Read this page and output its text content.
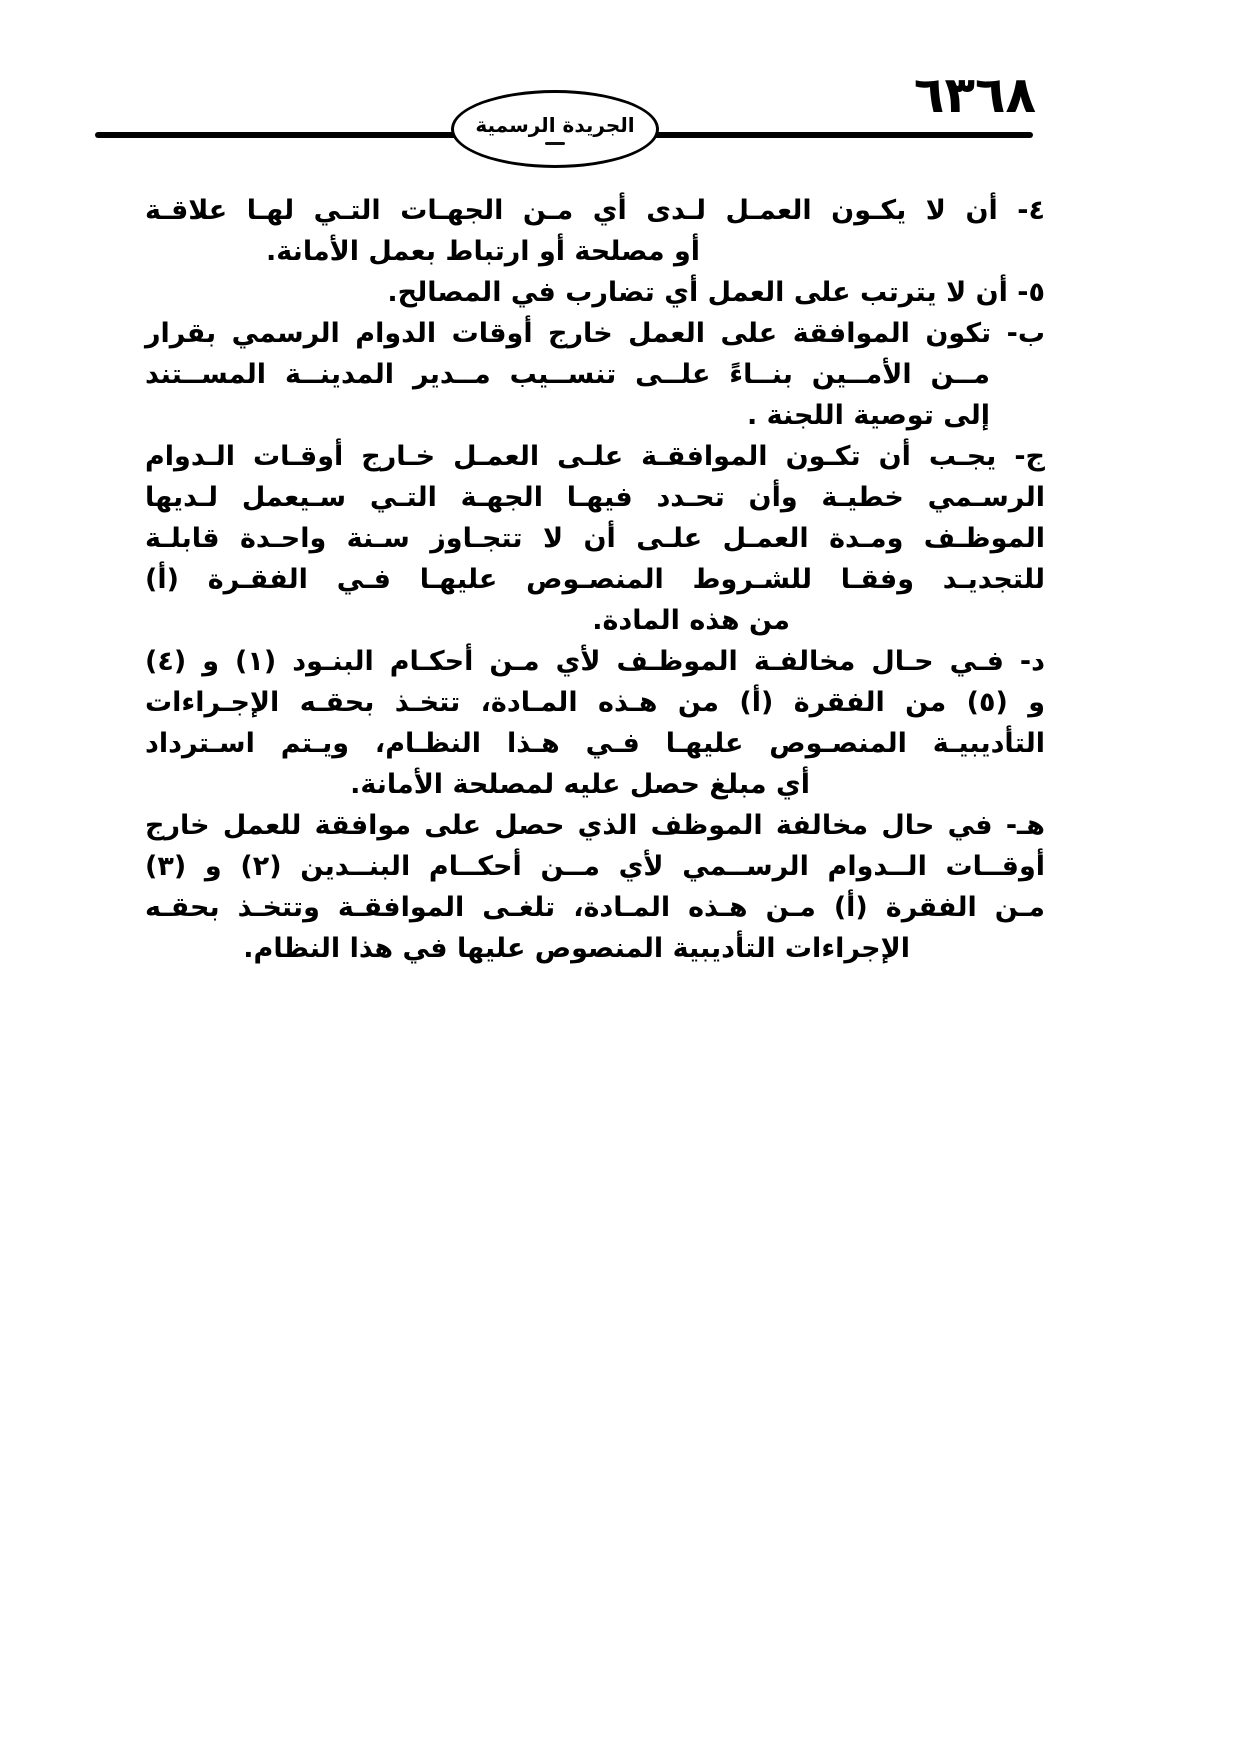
٦٣٦٨
الجريدة الرسمية
٤- أن لا يكـون العمـل لـدى أي مـن الجهـات التـي لهـا علاقـة
أو مصلحة أو ارتباط بعمل الأمانة.
٥- أن لا يترتب على العمل أي تضارب في المصالح.
ب- تكون الموافقة على العمل خارج أوقات الدوام الرسمي بقرار
مــن الأمــين بنــاءً علــى تنســيب مــدير المدينــة المســتند
إلى توصية اللجنة .
ج- يجـب أن تكـون الموافقـة علـى العمـل خـارج أوقـات الـدوام
الرسـمي خطيـة وأن تحـدد فيهـا الجهـة التـي سـيعمل لـديها
الموظـف ومـدة العمـل علـى أن لا تتجـاوز سـنة واحـدة قابلـة
للتجديـد وفقـا للشـروط المنصـوص عليهـا فـي الفقـرة (أ)
من هذه المادة.
د- فـي حـال مخالفـة الموظـف لأي مـن أحكـام البنـود (١) و (٤)
و (٥) من الفقرة (أ) من هـذه المـادة، تتخـذ بحقـه الإجـراءات
التأديبيـة المنصـوص عليهـا فـي هـذا النظـام، ويـتم اسـترداد
أي مبلغ حصل عليه لمصلحة الأمانة.
هـ- في حال مخالفة الموظف الذي حصل على موافقة للعمل خارج
أوقــات الــدوام الرســمي لأي مــن أحكــام البنــدين (٢) و (٣)
مـن الفقرة (أ) مـن هـذه المـادة، تلغـى الموافقـة وتتخـذ بحقـه
الإجراءات التأديبية المنصوص عليها في هذا النظام.
